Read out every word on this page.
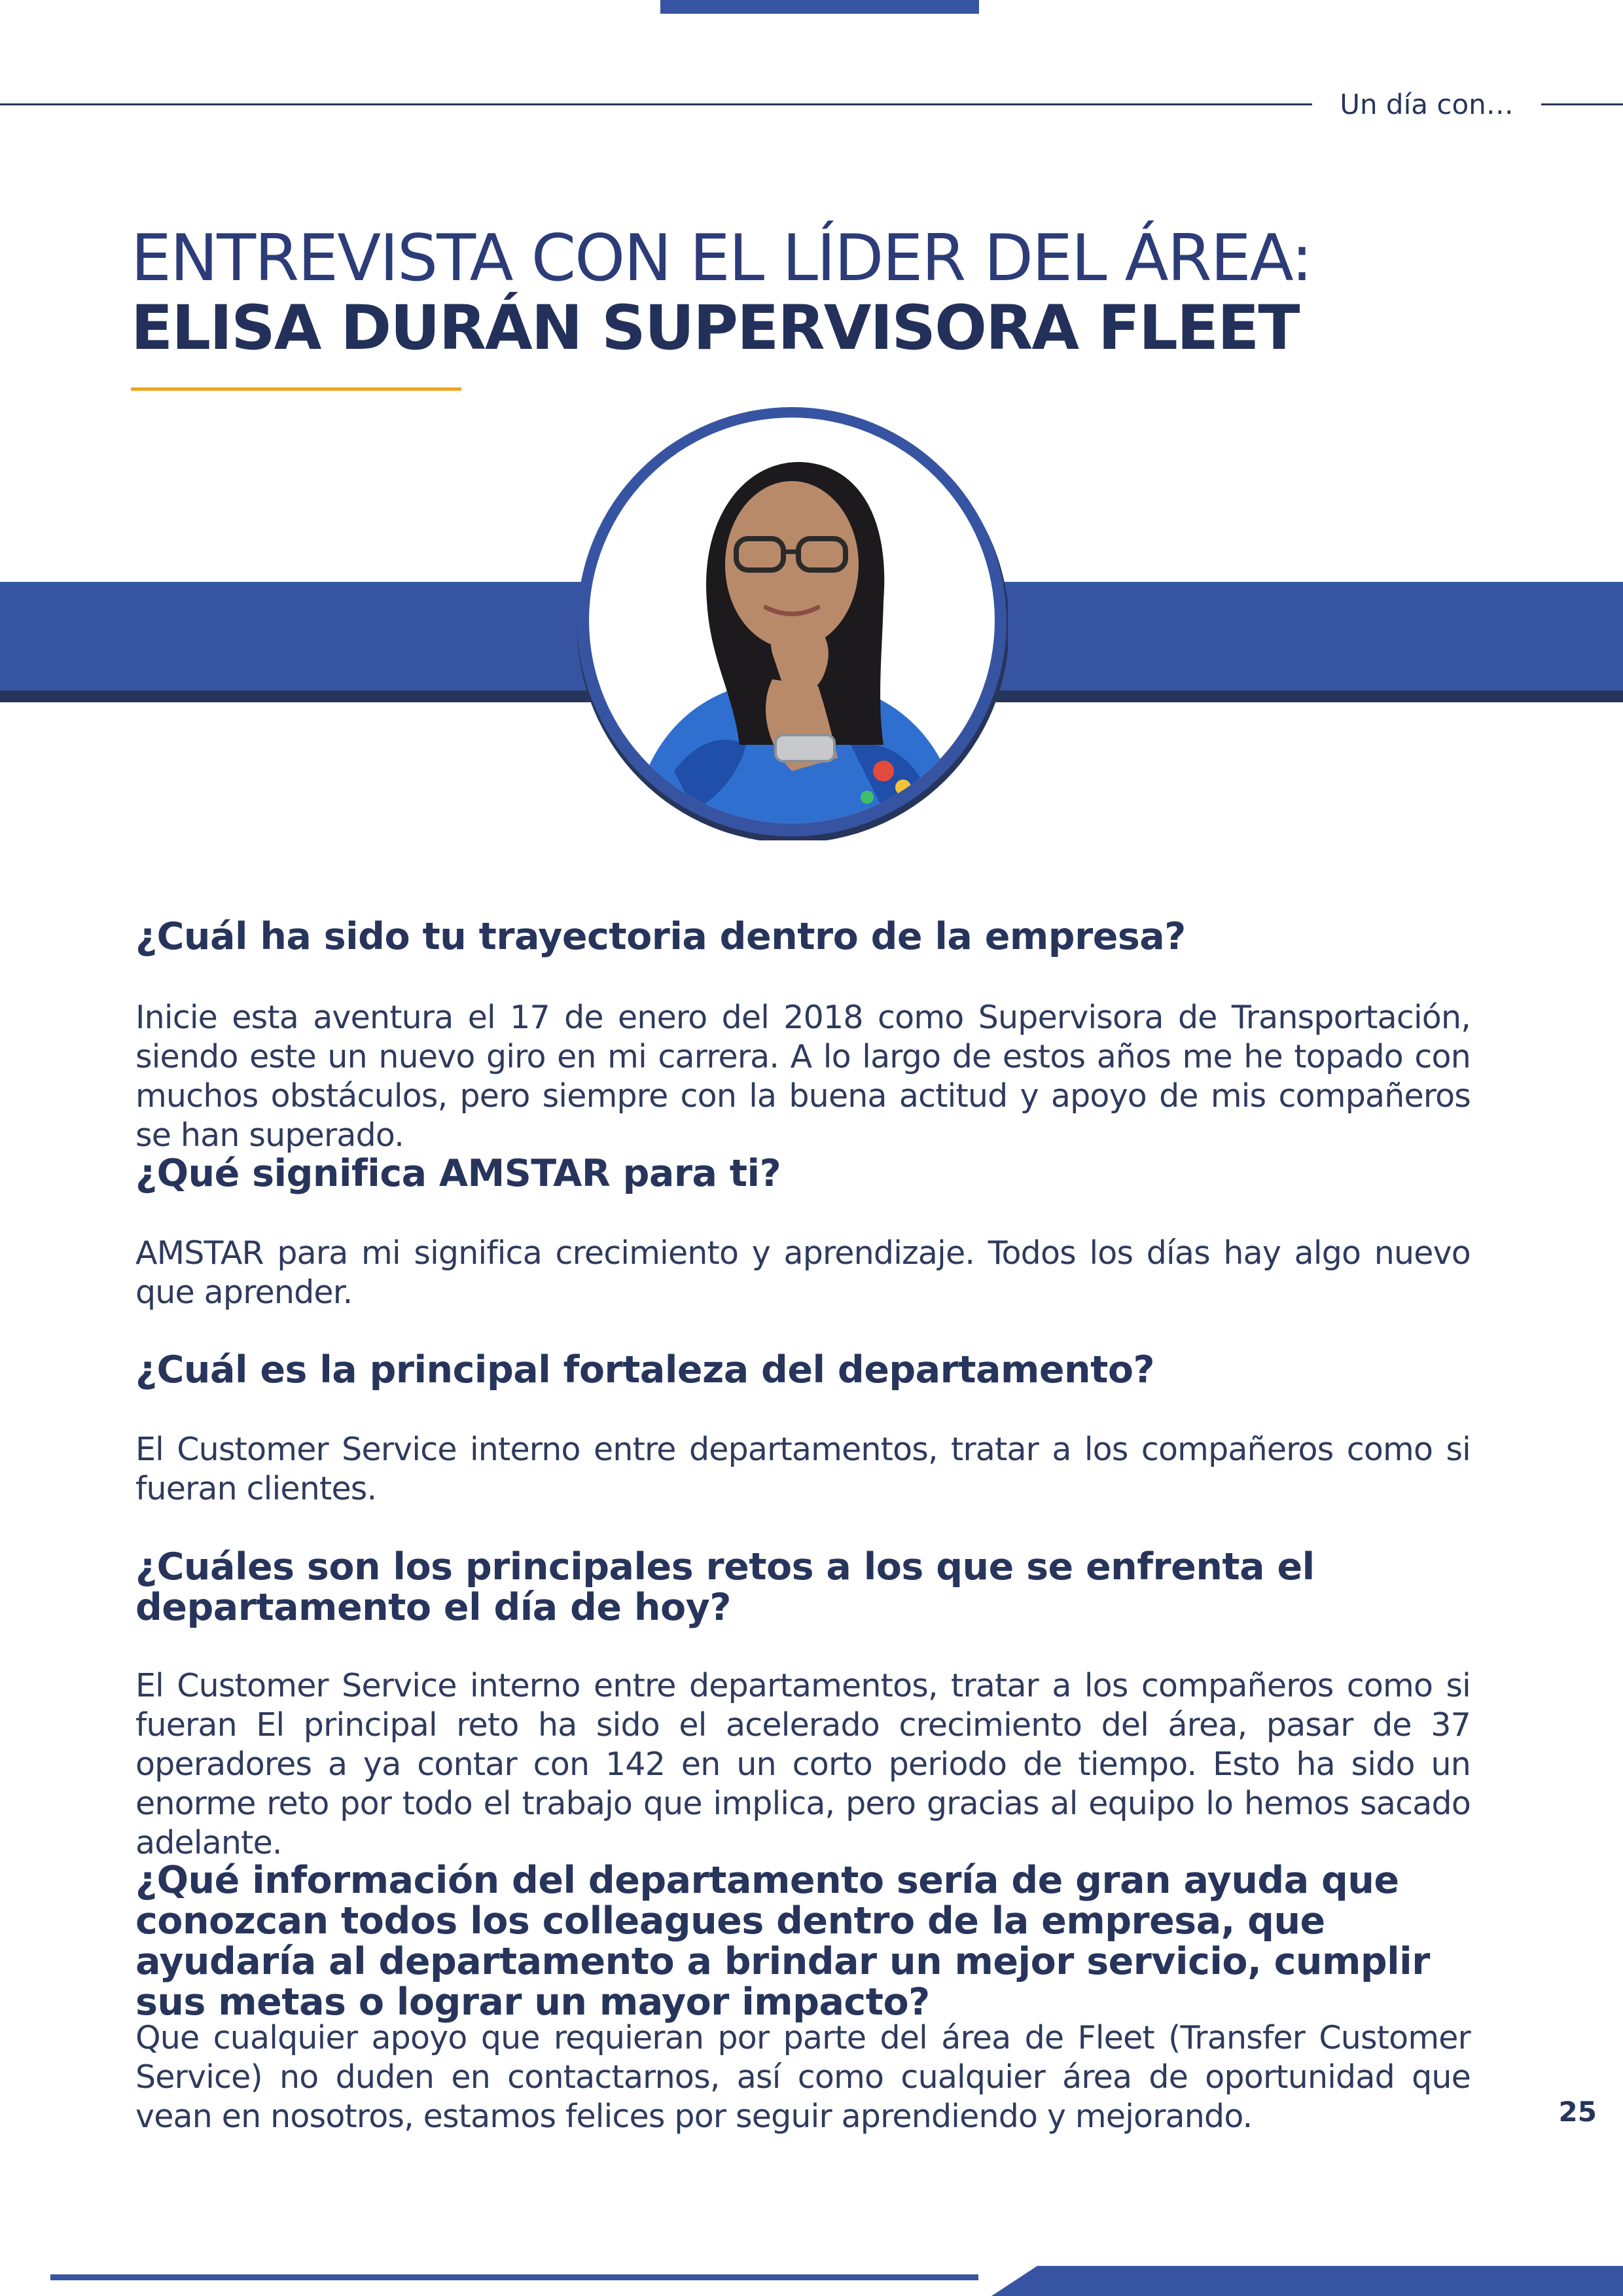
Un día con…
ENTREVISTA CON EL LÍDER DEL ÁREA:
ELISA DURÁN SUPERVISORA FLEET

¿Cuál ha sido tu trayectoria dentro de la empresa?

Inicie esta aventura el 17 de enero del 2018 como Supervisora de Transportación, siendo este un nuevo giro en mi carrera. A lo largo de estos años me he topado con muchos obstáculos, pero siempre con la buena actitud y apoyo de mis compañeros se han superado.

¿Qué significa AMSTAR para ti?

AMSTAR para mi significa crecimiento y aprendizaje. Todos los días hay algo nuevo que aprender.

¿Cuál es la principal fortaleza del departamento?

El Customer Service interno entre departamentos, tratar a los compañeros como si fueran clientes.

¿Cuáles son los principales retos a los que se enfrenta el departamento el día de hoy?

El Customer Service interno entre departamentos, tratar a los compañeros como si fueran El principal reto ha sido el acelerado crecimiento del área, pasar de 37 operadores a ya contar con 142 en un corto periodo de tiempo. Esto ha sido un enorme reto por todo el trabajo que implica, pero gracias al equipo lo hemos sacado adelante.

¿Qué información del departamento sería de gran ayuda que conozcan todos los colleagues dentro de la empresa, que ayudaría al departamento a brindar un mejor servicio, cumplir sus metas o lograr un mayor impacto?

Que cualquier apoyo que requieran por parte del área de Fleet (Transfer Customer Service) no duden en contactarnos, así como cualquier área de oportunidad que vean en nosotros, estamos felices por seguir aprendiendo y mejorando.	25
